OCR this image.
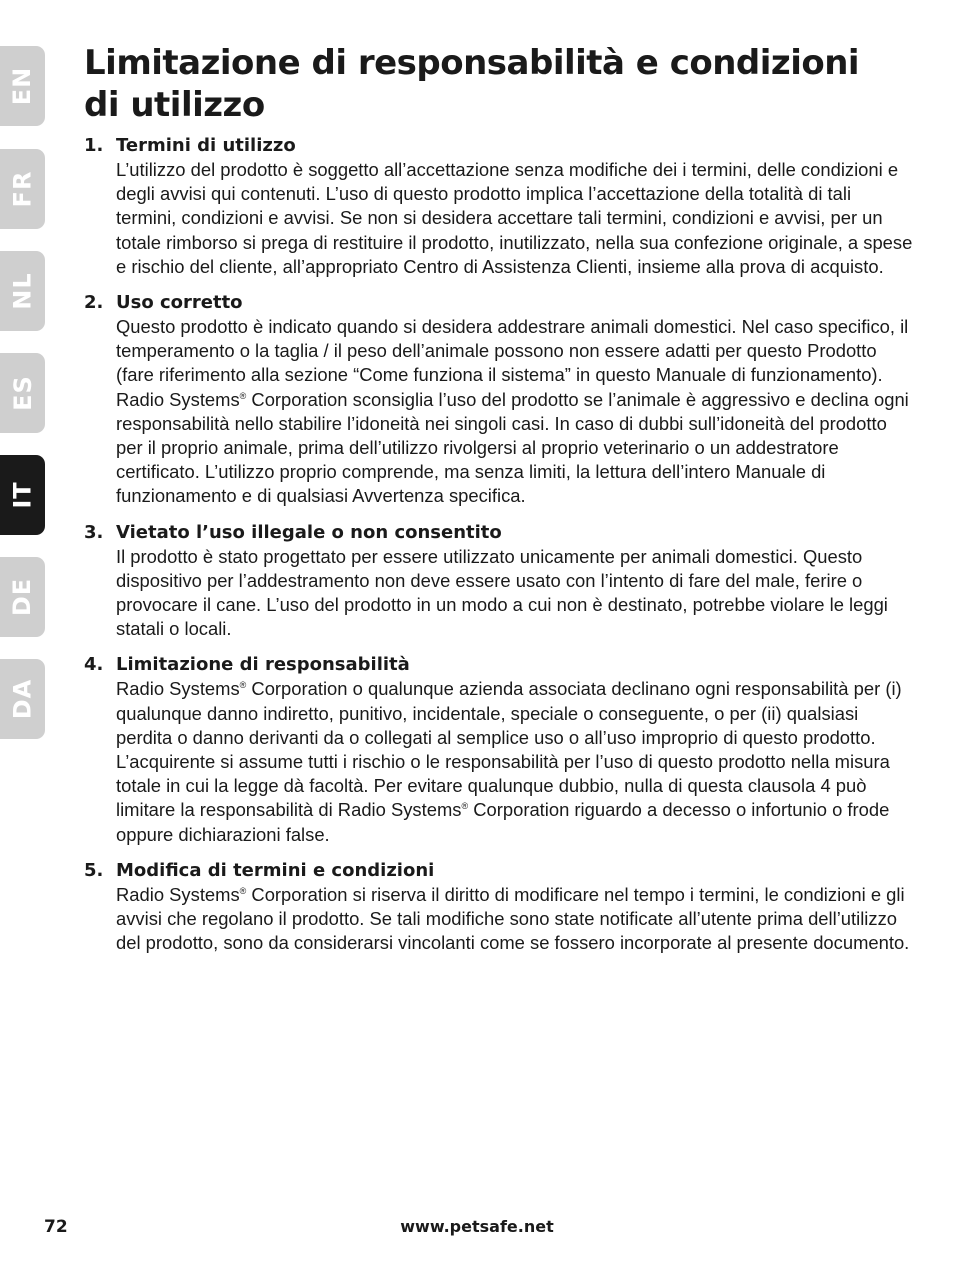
EN
FR
NL
ES
IT
DE
DA
Limitazione di responsabilità e condizioni di utilizzo
1. Termini di utilizzo

L’utilizzo del prodotto è soggetto all’accettazione senza modifiche dei i termini, delle condizioni e degli avvisi qui contenuti. L’uso di questo prodotto implica l’accettazione della totalità di tali termini, condizioni e avvisi. Se non si desidera accettare tali termini, condizioni e avvisi, per un totale rimborso si prega di restituire il prodotto, inutilizzato, nella sua confezione originale, a spese e rischio del cliente, all’appropriato Centro di Assistenza Clienti, insieme alla prova di acquisto.

2. Uso corretto

Questo prodotto è indicato quando si desidera addestrare animali domestici. Nel caso specifico, il temperamento o la taglia / il peso dell’animale possono non essere adatti per questo Prodotto (fare riferimento alla sezione “Come funziona il sistema” in questo Manuale di funzionamento). Radio Systems® Corporation sconsiglia l’uso del prodotto se l’animale è aggressivo e declina ogni responsabilità nello stabilire l’idoneità nei singoli casi. In caso di dubbi sull’idoneità del prodotto per il proprio animale, prima dell’utilizzo rivolgersi al proprio veterinario o un addestratore certificato. L’utilizzo proprio comprende, ma senza limiti, la lettura dell’intero Manuale di funzionamento e di qualsiasi Avvertenza specifica.

3. Vietato l’uso illegale o non consentito

Il prodotto è stato progettato per essere utilizzato unicamente per animali domestici. Questo dispositivo per l’addestramento non deve essere usato con l’intento di fare del male, ferire o provocare il cane. L’uso del prodotto in un modo a cui non è destinato, potrebbe violare le leggi statali o locali.

4. Limitazione di responsabilità

Radio Systems® Corporation o qualunque azienda associata declinano ogni responsabilità per (i) qualunque danno indiretto, punitivo, incidentale, speciale o conseguente, o per (ii) qualsiasi perdita o danno derivanti da o collegati al semplice uso o all’uso improprio di questo prodotto. L’acquirente si assume tutti i rischio o le responsabilità per l’uso di questo prodotto nella misura totale in cui la legge dà facoltà. Per evitare qualunque dubbio, nulla di questa clausola 4 può limitare la responsabilità di Radio Systems® Corporation riguardo a decesso o infortunio o frode oppure dichiarazioni false.

5. Modifica di termini e condizioni

Radio Systems® Corporation si riserva il diritto di modificare nel tempo i termini, le condizioni e gli avvisi che regolano il prodotto. Se tali modifiche sono state notificate all’utente prima dell’utilizzo del prodotto, sono da considerarsi vincolanti come se fossero incorporate al presente documento.

72	www.petsafe.net
